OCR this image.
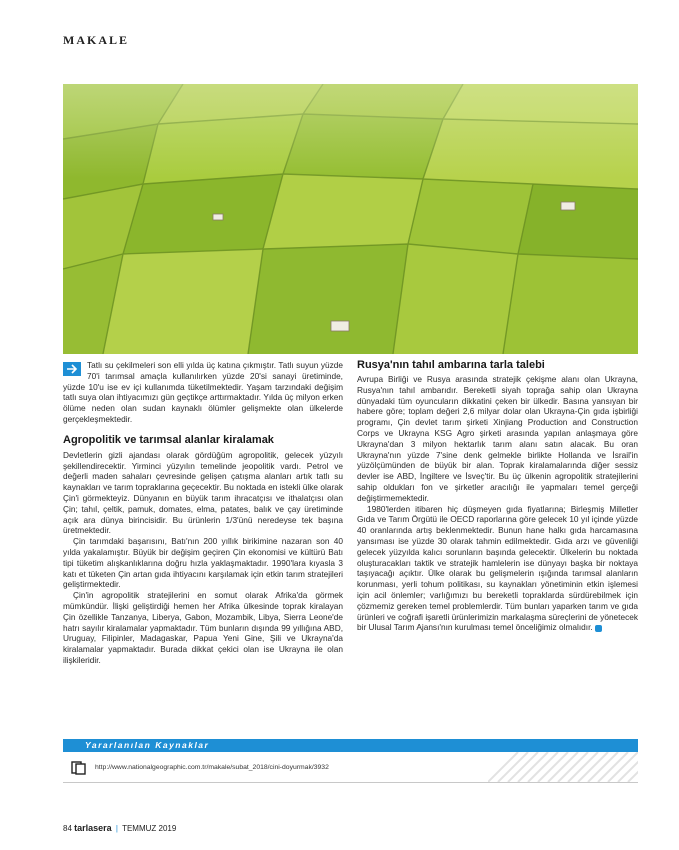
MAKALE

Tatlı su çekilmeleri son elli yılda üç katına çıkmıştır. Tatlı suyun yüzde 70'i tarımsal amaçla kullanılırken yüzde 20'si sanayi üretiminde, yüzde 10'u ise ev içi kullanımda tüketilmektedir. Yaşam tarzındaki değişim tatlı suya olan ihtiyacımızı gün geçtikçe arttırmaktadır. Yılda üç milyon erken ölüme neden olan sudan kaynaklı ölümler gelişmekte olan ülkelerde gerçekleşmektedir.

Agropolitik ve tarımsal alanlar kiralamak

Devletlerin gizli ajandası olarak gördüğüm agropolitik, gelecek yüzyılı şekillendirecektir. Yirminci yüzyılın temelinde jeopolitik vardı. Petrol ve değerli maden sahaları çevresinde gelişen çatışma alanları artık tatlı su kaynakları ve tarım topraklarına geçecektir. Bu noktada en istekli ülke olarak Çin'i görmekteyiz. Dünyanın en büyük tarım ihracatçısı ve ithalatçısı olan Çin; tahıl, çeltik, pamuk, domates, elma, patates, balık ve çay üretiminde açık ara dünya birincisidir. Bu ürünlerin 1/3'ünü neredeyse tek başına üretmektedir.

Çin tarımdaki başarısını, Batı'nın 200 yıllık birikimine nazaran son 40 yılda yakalamıştır. Büyük bir değişim geçiren Çin ekonomisi ve kültürü Batı tipi tüketim alışkanlıklarına doğru hızla yaklaşmaktadır. 1990'lara kıyasla 3 katı et tüketen Çin artan gıda ihtiyacını karşılamak için etkin tarım stratejileri geliştirmektedir.

Çin'in agropolitik stratejilerini en somut olarak Afrika'da görmek mümkündür. İlişki geliştirdiği hemen her Afrika ülkesinde toprak kiralayan Çin özellikle Tanzanya, Liberya, Gabon, Mozambik, Libya, Sierra Leone'de hatrı sayılır kiralamalar yapmaktadır. Tüm bunların dışında 99 yıllığına ABD, Uruguay, Filipinler, Madagaskar, Papua Yeni Gine, Şili ve Ukrayna'da kiralamalar yapmaktadır. Burada dikkat çekici olan ise Ukrayna ile olan ilişkileridir.

Rusya'nın tahıl ambarına tarla talebi

Avrupa Birliği ve Rusya arasında stratejik çekişme alanı olan Ukrayna, Rusya'nın tahıl ambarıdır. Bereketli siyah toprağa sahip olan Ukrayna dünyadaki tüm oyuncuların dikkatini çeken bir ülkedir. Basına yansıyan bir habere göre; toplam değeri 2,6 milyar dolar olan Ukrayna-Çin gıda işbirliği programı, Çin devlet tarım şirketi Xinjiang Production and Construction Corps ve Ukrayna KSG Agro şirketi arasında yapılan anlaşmaya göre Ukrayna'dan 3 milyon hektarlık tarım alanı satın alacak. Bu oran Ukrayna'nın yüzde 7'sine denk gelmekle birlikte Hollanda ve İsrail'in yüzölçümünden de büyük bir alan. Toprak kiralamalarında diğer sessiz devler ise ABD, İngiltere ve İsveç'tir. Bu üç ülkenin agropolitik stratejilerini sahip oldukları fon ve şirketler aracılığı ile yapmaları temel gerçeği değiştirmemektedir.

1980'lerden itibaren hiç düşmeyen gıda fiyatlarına; Birleşmiş Milletler Gıda ve Tarım Örgütü ile OECD raporlarına göre gelecek 10 yıl içinde yüzde 40 oranlarında artış beklenmektedir. Bunun hane halkı gıda harcamasına yansıması ise yüzde 30 olarak tahmin edilmektedir. Gıda arzı ve güvenliği gelecek yüzyılda kalıcı sorunların başında gelecektir. Ülkelerin bu noktada oluşturacakları taktik ve stratejik hamlelerin ise dünyayı başka bir noktaya taşıyacağı açıktır. Ülke olarak bu gelişmelerin ışığında tarımsal alanların korunması, yerli tohum politikası, su kaynakları yönetiminin etkin işlemesi için acil önlemler; varlığımızı bu bereketli topraklarda sürdürebilmek için çözmemiz gereken temel problemlerdir. Tüm bunları yaparken tarım ve gıda ürünleri ve coğrafi işaretli ürünlerimizin markalaşma süreçlerini de yönetecek bir Ulusal Tarım Ajansı'nın kurulması temel önceliğimiz olmalıdır.

Yararlanılan Kaynaklar
http://www.nationalgeographic.com.tr/makale/subat_2018/cini-doyurmak/3932
84 tarlasera | TEMMUZ 2019
